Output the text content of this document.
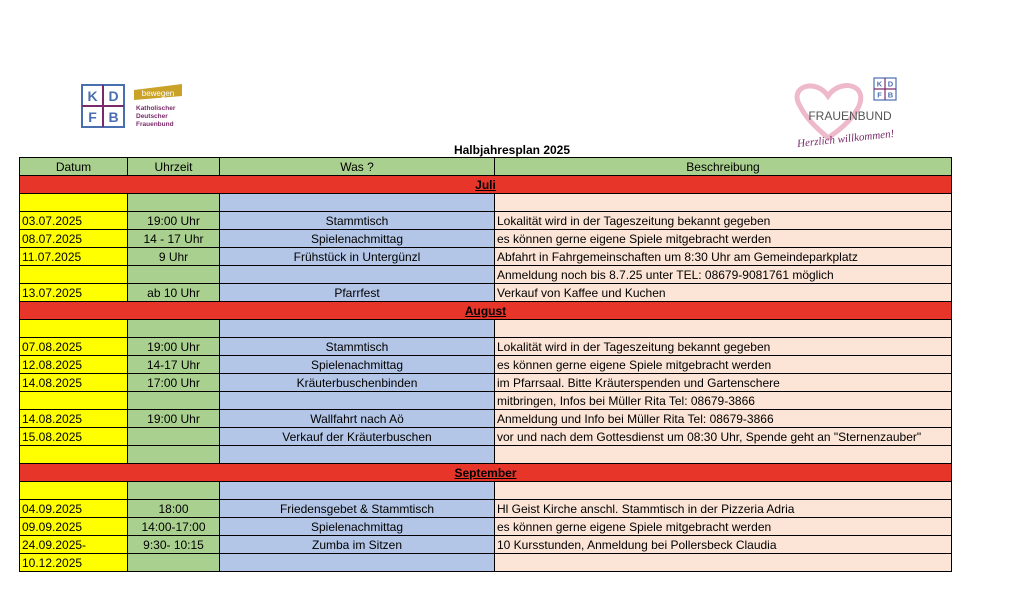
K D
F B
bewegen
Katholischer
Deutscher
Frauenbund
K D
F B
FRAUENBUND
Herzlich willkommen!
Halbjahresplan 2025
Datum	Uhrzeit	Was ?	Beschreibung
Juli			

03.07.2025	19:00 Uhr	Stammtisch	Lokalität wird in der Tageszeitung bekannt gegeben
08.07.2025	14 - 17 Uhr	Spielenachmittag	es können gerne eigene Spiele mitgebracht werden
11.07.2025	9 Uhr	Frühstück in Untergünzl	Abfahrt in Fahrgemeinschaften um 8:30 Uhr am Gemeindeparkplatz
			Anmeldung noch bis 8.7.25 unter TEL: 08679-9081761 möglich
13.07.2025	ab 10 Uhr	Pfarrfest	Verkauf von Kaffee und Kuchen
August			

07.08.2025	19:00 Uhr	Stammtisch	Lokalität wird in der Tageszeitung bekannt gegeben
12.08.2025	14-17 Uhr	Spielenachmittag	es können gerne eigene Spiele mitgebracht werden
14.08.2025	17:00 Uhr	Kräuterbuschenbinden	im Pfarrsaal. Bitte Kräuterspenden und Gartenschere
			mitbringen, Infos bei Müller Rita Tel: 08679-3866
14.08.2025	19:00 Uhr	Wallfahrt nach Aö	Anmeldung und Info bei Müller Rita Tel: 08679-3866
15.08.2025		Verkauf der Kräuterbuschen	vor und nach dem Gottesdienst um 08:30 Uhr, Spende geht an "Sternenzauber"

September			

04.09.2025	18:00	Friedensgebet & Stammtisch	Hl Geist Kirche anschl. Stammtisch in der Pizzeria Adria
09.09.2025	14:00-17:00	Spielenachmittag	es können gerne eigene Spiele mitgebracht werden
24.09.2025-	9:30- 10:15	Zumba im Sitzen	10 Kursstunden, Anmeldung bei Pollersbeck Claudia
10.12.2025			
